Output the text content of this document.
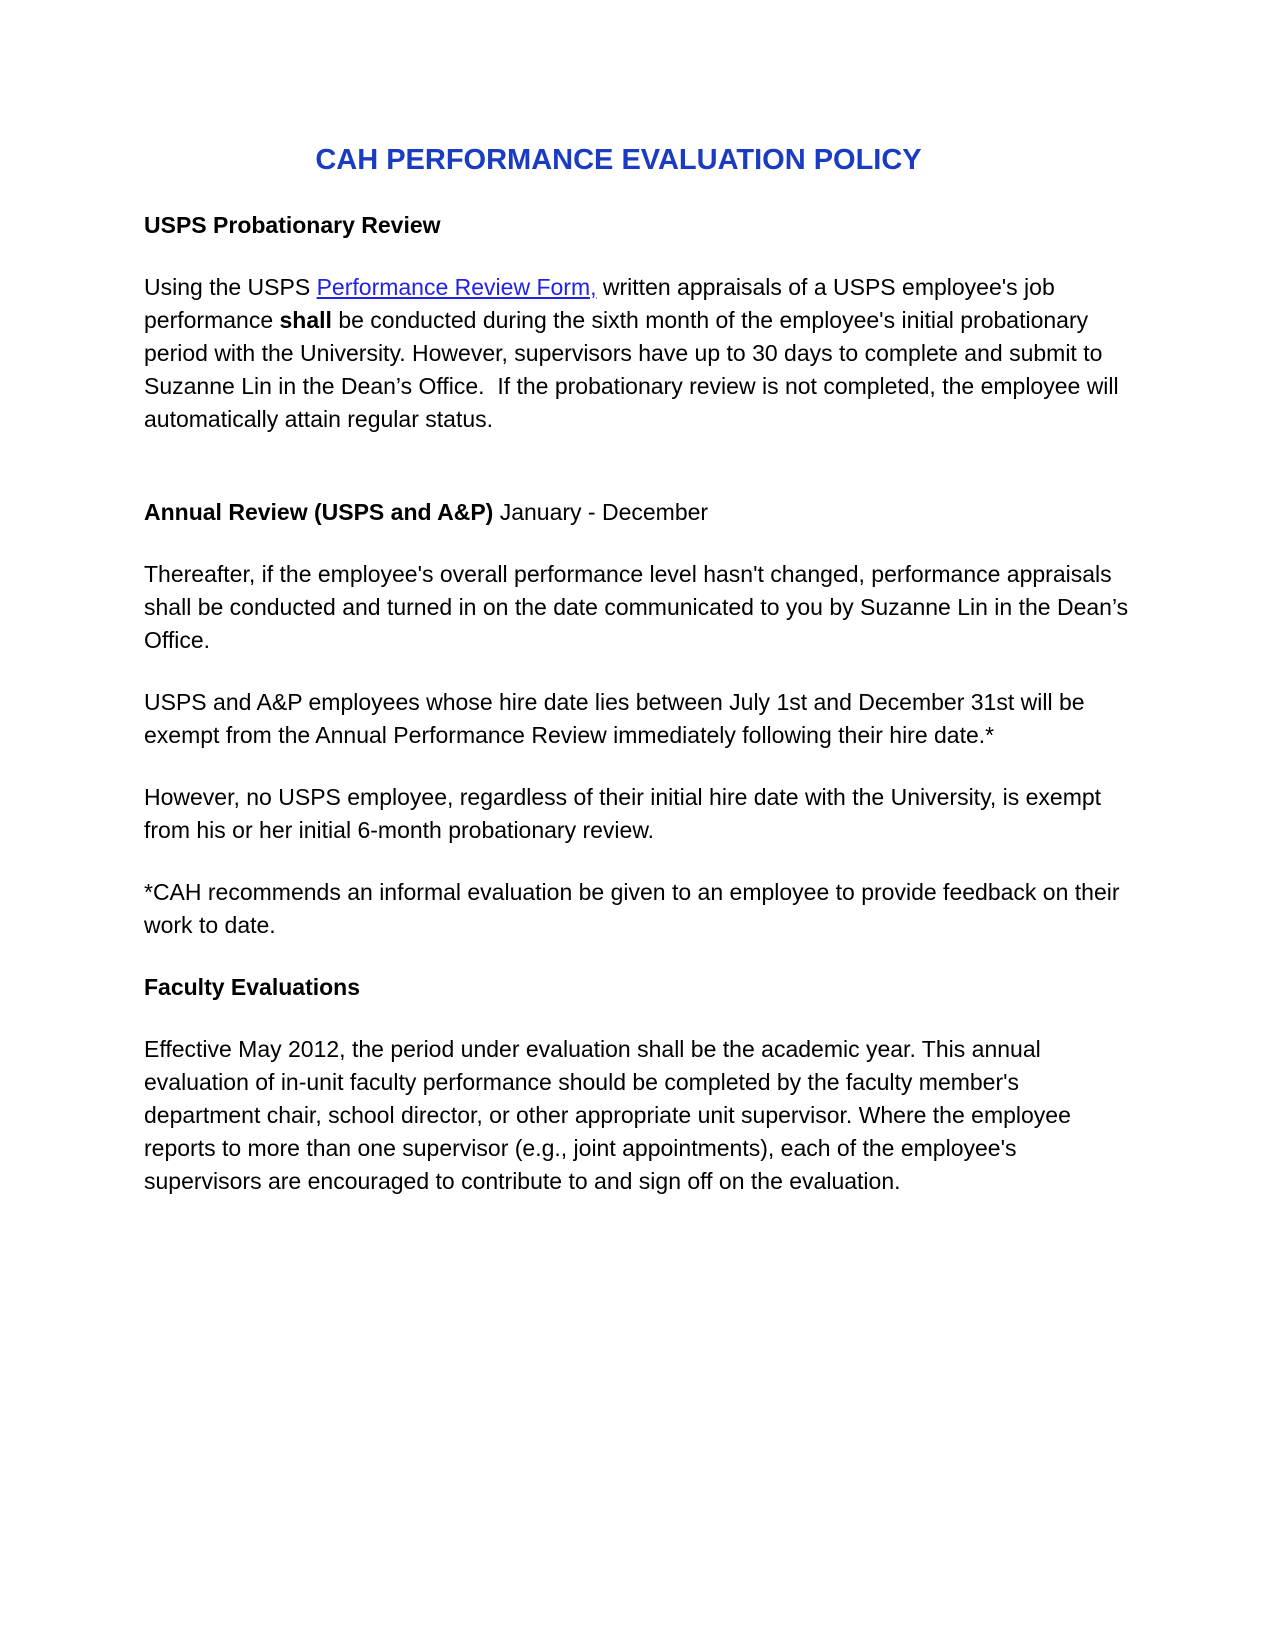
CAH PERFORMANCE EVALUATION POLICY
USPS Probationary Review

Using the USPS Performance Review Form, written appraisals of a USPS employee's job performance shall be conducted during the sixth month of the employee's initial probationary period with the University. However, supervisors have up to 30 days to complete and submit to Suzanne Lin in the Dean’s Office.  If the probationary review is not completed, the employee will automatically attain regular status.

Annual Review (USPS and A&P) January - December

Thereafter, if the employee's overall performance level hasn't changed, performance appraisals shall be conducted and turned in on the date communicated to you by Suzanne Lin in the Dean’s Office.

USPS and A&P employees whose hire date lies between July 1st and December 31st will be exempt from the Annual Performance Review immediately following their hire date.*

However, no USPS employee, regardless of their initial hire date with the University, is exempt from his or her initial 6-month probationary review.

*CAH recommends an informal evaluation be given to an employee to provide feedback on their work to date.

Faculty Evaluations

Effective May 2012, the period under evaluation shall be the academic year. This annual evaluation of in-unit faculty performance should be completed by the faculty member's department chair, school director, or other appropriate unit supervisor. Where the employee reports to more than one supervisor (e.g., joint appointments), each of the employee's supervisors are encouraged to contribute to and sign off on the evaluation.
